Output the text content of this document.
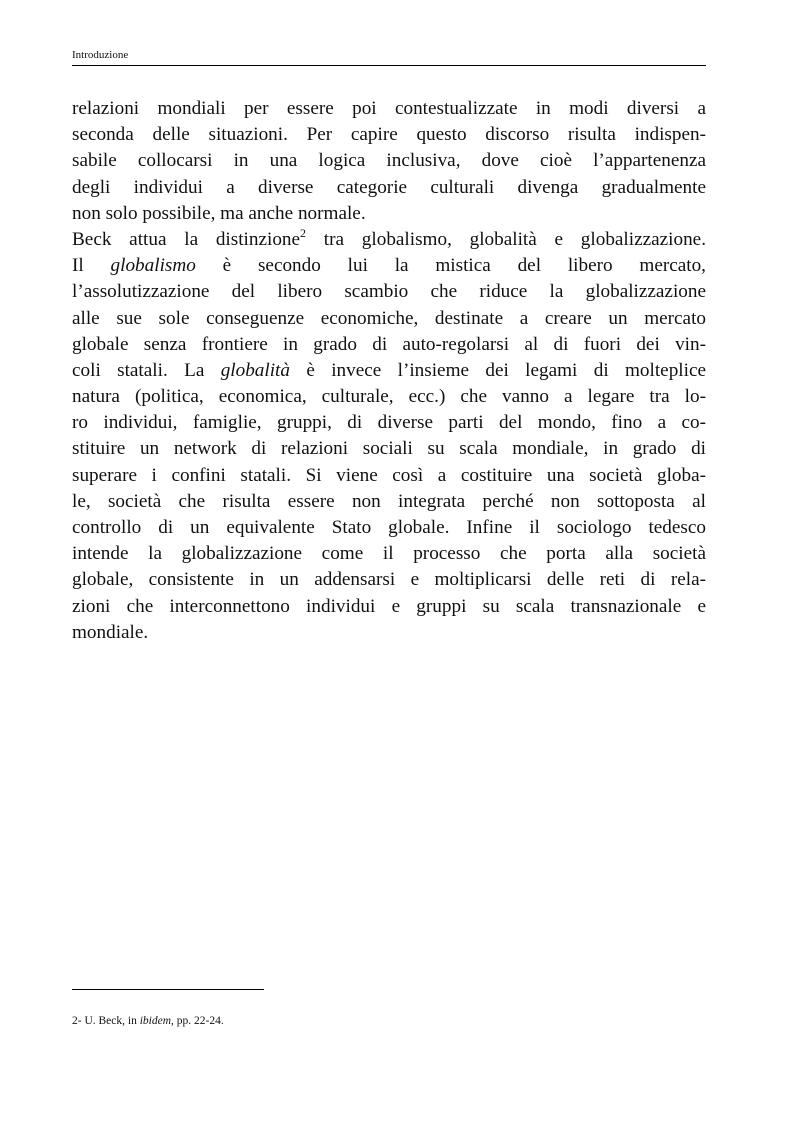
Introduzione
relazioni mondiali per essere poi contestualizzate in modi diversi a
seconda delle situazioni. Per capire questo discorso risulta indispen-
sabile collocarsi in una logica inclusiva, dove cioè l’appartenenza
degli individui a diverse categorie culturali divenga gradualmente
non solo possibile, ma anche normale.
Beck attua la distinzione$^2$ tra globalismo, globalità e globalizzazione.
Il globalismo è secondo lui la mistica del libero mercato,
l’assolutizzazione del libero scambio che riduce la globalizzazione
alle sue sole conseguenze economiche, destinate a creare un mercato
globale senza frontiere in grado di auto-regolarsi al di fuori dei vin-
coli statali. La globalità è invece l’insieme dei legami di molteplice
natura (politica, economica, culturale, ecc.) che vanno a legare tra lo-
ro individui, famiglie, gruppi, di diverse parti del mondo, fino a co-
stituire un network di relazioni sociali su scala mondiale, in grado di
superare i confini statali. Si viene così a costituire una società globa-
le, società che risulta essere non integrata perché non sottoposta al
controllo di un equivalente Stato globale. Infine il sociologo tedesco
intende la globalizzazione come il processo che porta alla società
globale, consistente in un addensarsi e moltiplicarsi delle reti di rela-
zioni che interconnettono individui e gruppi su scala transnazionale e
mondiale.
2- U. Beck, in ibidem, pp. 22-24.
